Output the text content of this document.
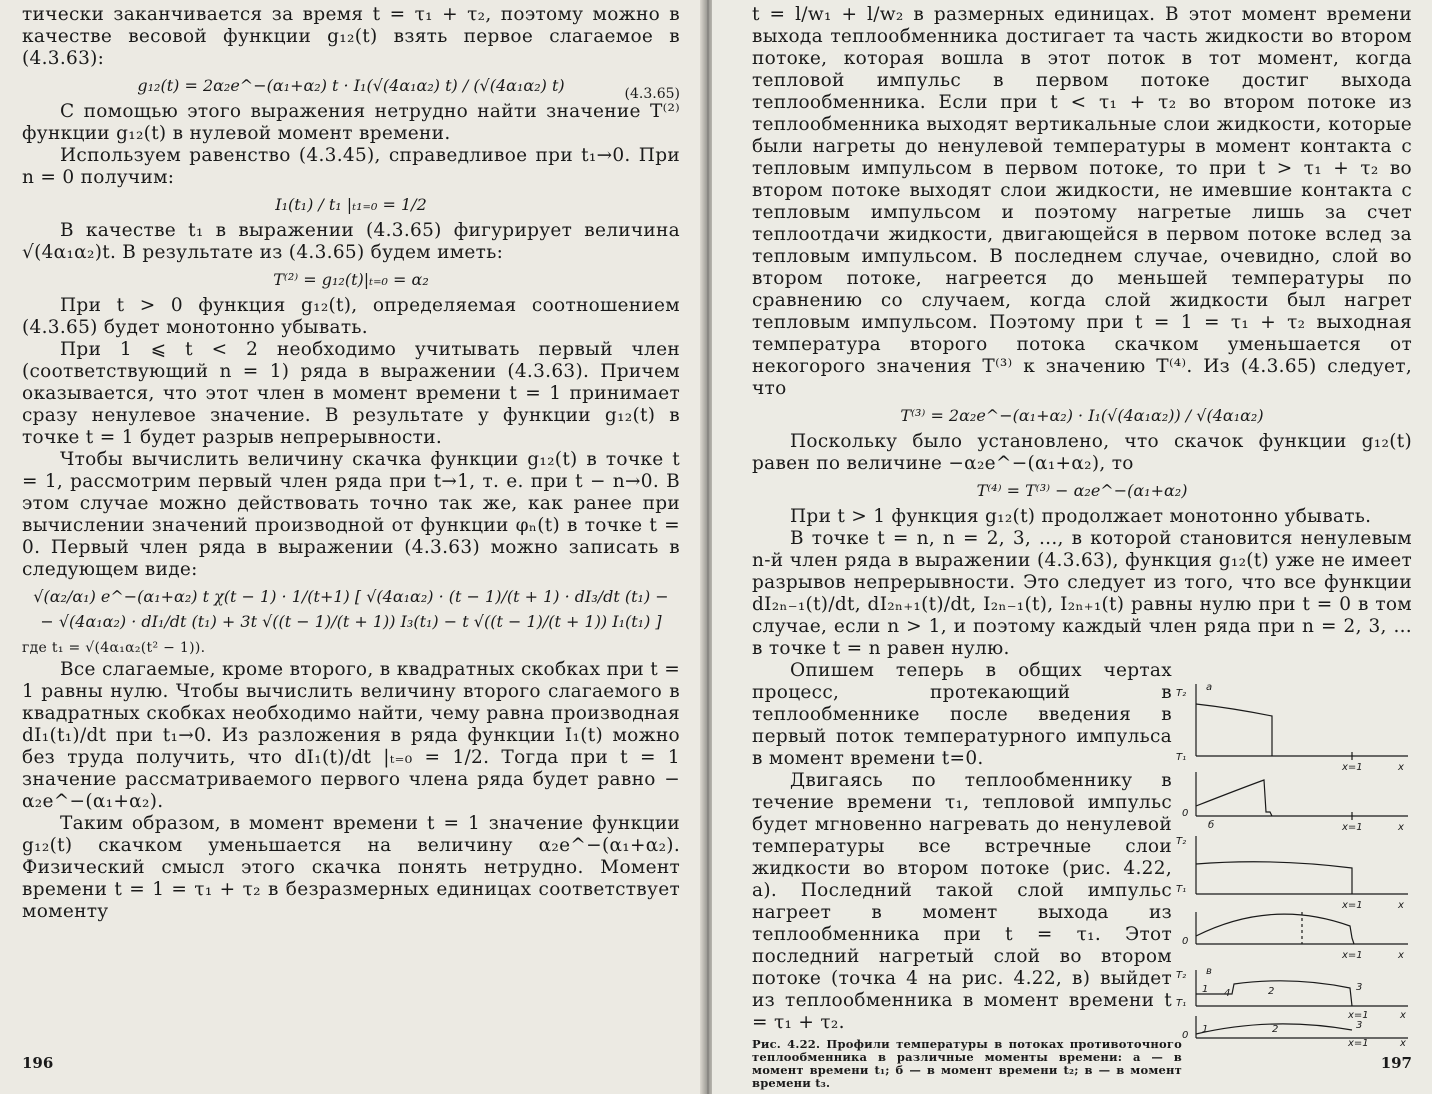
тически заканчивается за время t = τ₁ + τ₂, поэтому можно в качестве весовой функции g₁₂(t) взять первое слагаемое в (4.3.63):

g₁₂(t) = 2α₂e^−(α₁+α₂) t · I₁(√(4α₁α₂) t) / (√(4α₁α₂) t)	(4.3.65)

С помощью этого выражения нетрудно найти значение T⁽²⁾ функции g₁₂(t) в нулевой момент времени.

Используем равенство (4.3.45), справедливое при t₁→0. При n = 0 получим:

I₁(t₁) / t₁ |ₜ₁₌₀ = 1/2

В качестве t₁ в выражении (4.3.65) фигурирует величина √(4α₁α₂)t. В результате из (4.3.65) будем иметь:

T⁽²⁾ = g₁₂(t)|ₜ₌₀ = α₂

При t > 0 функция g₁₂(t), определяемая соотношением (4.3.65) будет монотонно убывать.

При 1 ⩽ t < 2 необходимо учитывать первый член (соответствующий n = 1) ряда в выражении (4.3.63). Причем оказывается, что этот член в момент времени t = 1 принимает сразу ненулевое значение. В результате у функции g₁₂(t) в точке t = 1 будет разрыв непрерывности.

Чтобы вычислить величину скачка функции g₁₂(t) в точке t = 1, рассмотрим первый член ряда при t→1, т. е. при t − n→0. В этом случае можно действовать точно так же, как ранее при вычислении значений производной от функции φₙ(t) в точке t = 0. Первый член ряда в выражении (4.3.63) можно записать в следующем виде:

√(α₂/α₁) e^−(α₁+α₂) t χ(t − 1) · 1/(t+1) [ √(4α₁α₂) · (t − 1)/(t + 1) · dI₃/dt (t₁) −
− √(4α₁α₂) · dI₁/dt (t₁) + 3t √((t − 1)/(t + 1)) I₃(t₁) − t √((t − 1)/(t + 1)) I₁(t₁) ]

где t₁ = √(4α₁α₂(t² − 1)).

Все слагаемые, кроме второго, в квадратных скобках при t = 1 равны нулю. Чтобы вычислить величину второго слагаемого в квадратных скобках необходимо найти, чему равна производная dI₁(t₁)/dt при t₁→0. Из разложения в ряда функции I₁(t) можно без труда получить, что dI₁(t)/dt |ₜ₌₀ = 1/2. Тогда при t = 1 значение рассматриваемого первого члена ряда будет равно − α₂e^−(α₁+α₂).

Таким образом, в момент времени t = 1 значение функции g₁₂(t) скачком уменьшается на величину α₂e^−(α₁+α₂). Физический смысл этого скачка понять нетрудно. Момент времени t = 1 = τ₁ + τ₂ в безразмерных единицах соответствует моменту

196

t = l/w₁ + l/w₂ в размерных единицах. В этот момент времени выхода теплообменника достигает та часть жидкости во втором потоке, которая вошла в этот поток в тот момент, когда тепловой импульс в первом потоке достиг выхода теплообменника. Если при t < τ₁ + τ₂ во втором потоке из теплообменника выходят вертикальные слои жидкости, которые были нагреты до ненулевой температуры в момент контакта с тепловым импульсом в первом потоке, то при t > τ₁ + τ₂ во втором потоке выходят слои жидкости, не имевшие контакта с тепловым импульсом и поэтому нагретые лишь за счет теплоотдачи жидкости, двигающейся в первом потоке вслед за тепловым импульсом. В последнем случае, очевидно, слой во втором потоке, нагреется до меньшей температуры по сравнению со случаем, когда слой жидкости был нагрет тепловым импульсом. Поэтому при t = 1 = τ₁ + τ₂ выходная температура второго потока скачком уменьшается от некогорого значения T⁽³⁾ к значению T⁽⁴⁾. Из (4.3.65) следует, что

T⁽³⁾ = 2α₂e^−(α₁+α₂) · I₁(√(4α₁α₂)) / √(4α₁α₂)

Поскольку было установлено, что скачок функции g₁₂(t) равен по величине −α₂e^−(α₁+α₂), то

T⁽⁴⁾ = T⁽³⁾ − α₂e^−(α₁+α₂)

При t > 1 функция g₁₂(t) продолжает монотонно убывать.

В точке t = n, n = 2, 3, ..., в которой становится ненулевым n-й член ряда в выражении (4.3.63), функция g₁₂(t) уже не имеет разрывов непрерывности. Это следует из того, что все функции dI₂ₙ₋₁(t)/dt, dI₂ₙ₊₁(t)/dt, I₂ₙ₋₁(t), I₂ₙ₊₁(t) равны нулю при t = 0 в том случае, если n > 1, и поэтому каждый член ряда при n = 2, 3, ... в точке t = n равен нулю.

Опишем теперь в общих чертах процесс, протекающий в теплообменнике после введения в первый поток температурного импульса в момент времени t=0.

Двигаясь по теплообменнику в течение времени τ₁, тепловой импульс будет мгновенно нагревать до ненулевой температуры все встречные слои жидкости во втором потоке (рис. 4.22, а). Последний такой слой импульс нагреет в момент выхода из теплообменника при t = τ₁. Этот последний нагретый слой во втором потоке (точка 4 на рис. 4.22, в) выйдет из теплообменника в момент времени t = τ₁ + τ₂.

Рис. 4.22. Профили температуры в потоках противоточного теплообменника в различные моменты времени: а — в момент времени t₁; б — в момент времени t₂; в — в момент времени t₃.

T₂
а
T₁
x=1	x
0
x=1	x
б
T₂
T₁
x=1	x
0
x=1	x
T₂ в
T₁
1 4	2	3
x=1	x
0
1	2	3
x=1	x
197
